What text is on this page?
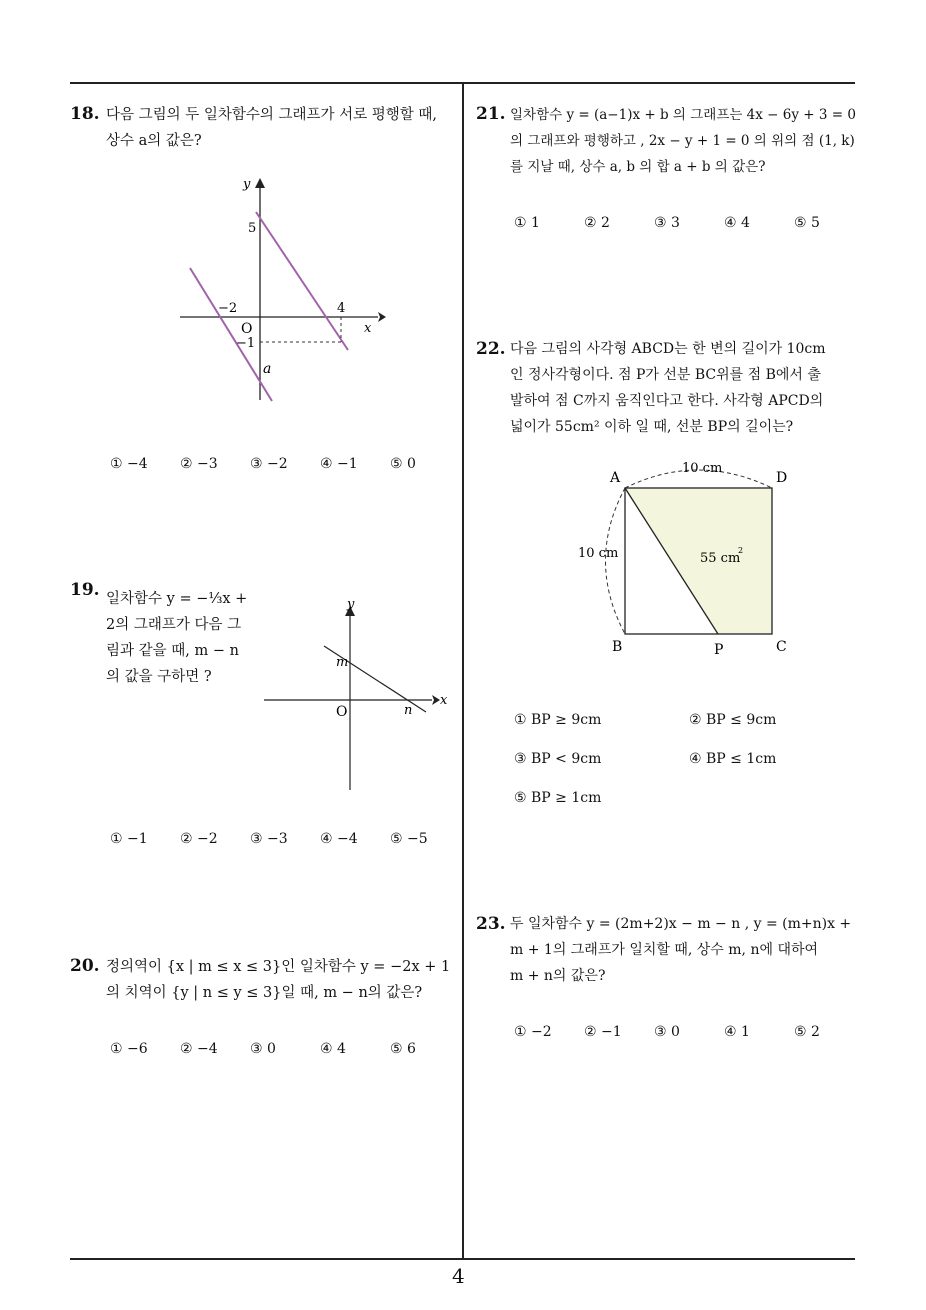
18. 다음 그림의 두 일차함수의 그래프가 서로 평행할 때,
상수 a의 값은?
y
x
5
−2	4
O
−1
a
① −4 ② −3 ③ −2 ④ −1 ⑤ 0
19. 일차함수 y = −⅓x +
2의 그래프가 다음 그
림과 같을 때, m − n
의 값을 구하면 ?
y
x
m
O	n
① −1 ② −2 ③ −3 ④ −4 ⑤ −5
20. 정의역이 {x | m ≤ x ≤ 3}인 일차함수 y = −2x + 1
의 치역이 {y | n ≤ y ≤ 3}일 때, m − n의 값은?
① −6 ② −4 ③ 0	④ 4	⑤ 6
21. 일차함수 y = (a−1)x + b 의 그래프는 4x − 6y + 3 = 0
의 그래프와 평행하고 , 2x − y + 1 = 0 의 위의 점 (1, k)
를 지날 때, 상수 a, b 의 합 a + b 의 값은?
① 1	② 2	③ 3	④ 4	⑤ 5
22. 다음 그림의 사각형 ABCD는 한 변의 길이가 10cm
인 정사각형이다. 점 P가 선분 BC위를 점 B에서 출
발하여 점 C까지 움직인다고 한다. 사각형 APCD의
넓이가 55cm² 이하 일 때, 선분 BP의 길이는?
A	D
B	P	C
10 cm
10 cm	55 cm
2
① BP ≥ 9cm	② BP ≤ 9cm
③ BP < 9cm	④ BP ≤ 1cm
⑤ BP ≥ 1cm
23. 두 일차함수 y = (2m+2)x − m − n , y = (m+n)x +
m + 1의 그래프가 일치할 때, 상수 m, n에 대하여
m + n의 값은?
① −2 ② −1 ③ 0	④ 1	⑤ 2
4
